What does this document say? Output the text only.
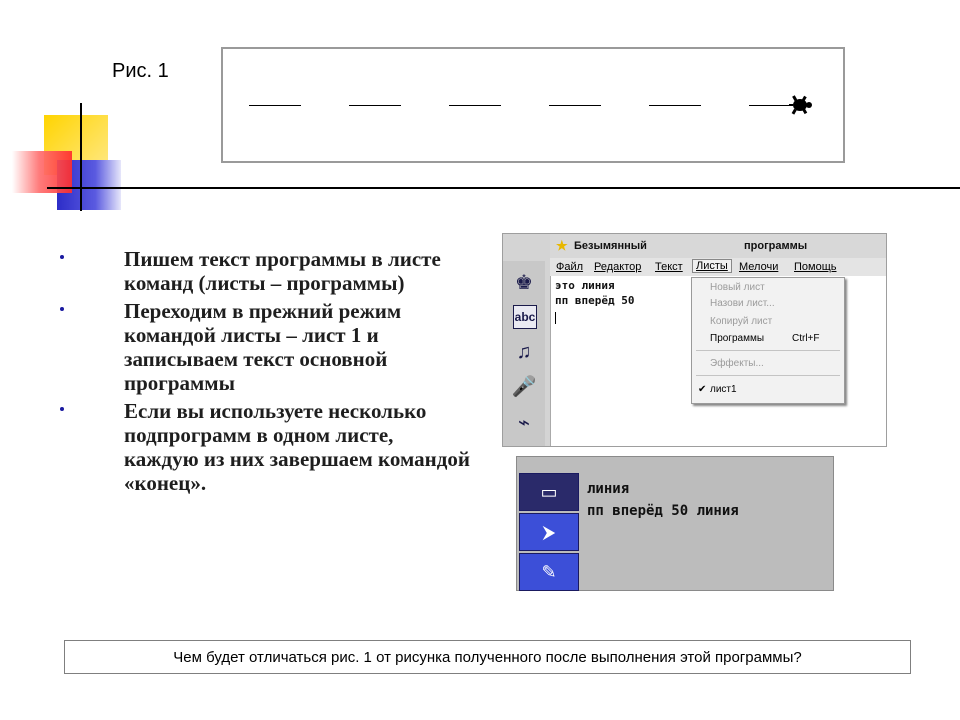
Рис. 1
Пишем текст программы в листе команд (листы – программы)
Переходим в прежний режим командой листы – лист 1 и записываем текст основной программы
Если вы используете несколько подпрограмм в одном листе, каждую из них завершаем командой «конец».
♚
abc
♫
🎤
⌁
★ Безымянный	программы
Файл Редактор Текст	Листы	Мелочи Помощь
это линия
пп вперёд 50
Новый лист
Назови лист...
Копируй лист
Программы	Ctrl+F
Эффекты...
✔ лист1
▭
⮞
✎
линия
пп вперёд 50 линия
Чем будет отличаться рис. 1 от рисунка полученного после выполнения этой программы?
